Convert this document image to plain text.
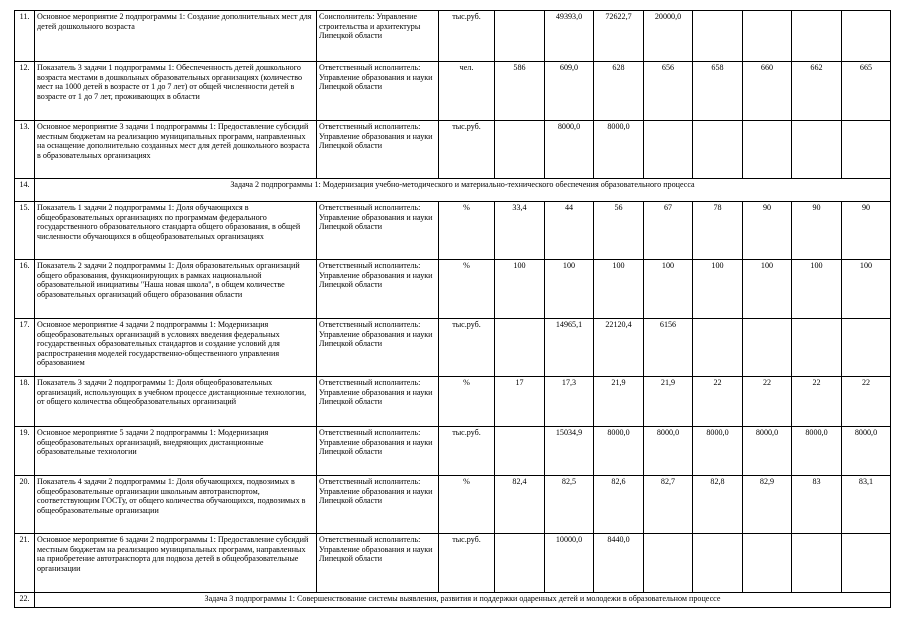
11.	Основное мероприятие 2 подпрограммы 1: Создание дополнительных мест для детей дошкольного возраста	Соисполнитель: Управление строительства и архитектуры Липецкой области	тыс.руб.		49393,0	72622,7	20000,0				
12.	Показатель 3 задачи 1 подпрограммы 1: Обеспеченность детей дошкольного возраста местами в дошкольных образовательных организациях (количество мест на 1000 детей в возрасте от 1 до 7 лет) от общей численности детей в возрасте от 1 до 7 лет, проживающих в области	Ответственный исполнитель: Управление образования и науки Липецкой области	чел.	586	609,0	628	656	658	660	662	665
13.	Основное мероприятие 3 задачи 1 подпрограммы 1: Предоставление субсидий местным бюджетам на реализацию муниципальных программ, направленных на оснащение дополнительно созданных мест для детей дошкольного возраста в образовательных организациях	Ответственный исполнитель: Управление образования и науки Липецкой области	тыс.руб.		8000,0	8000,0					
14.	Задача 2 подпрограммы 1: Модернизация учебно-методического и материально-технического обеспечения образовательного процесса										
15.	Показатель 1 задачи 2 подпрограммы 1: Доля обучающихся в общеобразовательных организациях по программам федерального государственного образовательного стандарта общего образования, в общей численности обучающихся в общеобразовательных организациях	Ответственный исполнитель: Управление образования и науки Липецкой области	%	33,4	44	56	67	78	90	90	90
16.	Показатель 2 задачи 2 подпрограммы 1: Доля образовательных организаций общего образования, функционирующих в рамках национальной образовательной инициативы "Наша новая школа", в общем количестве образовательных организаций общего образования области	Ответственный исполнитель: Управление образования и науки Липецкой области	%	100	100	100	100	100	100	100	100
17.	Основное мероприятие 4 задачи 2 подпрограммы 1: Модернизация общеобразовательных организаций в условиях введения федеральных государственных образовательных стандартов и создание условий для распространения моделей государственно-общественного управления образованием	Ответственный исполнитель: Управление образования и науки Липецкой области	тыс.руб.		14965,1	22120,4	6156				
18.	Показатель 3 задачи 2 подпрограммы 1: Доля общеобразовательных организаций, использующих в учебном процессе дистанционные технологии, от общего количества общеобразовательных организаций	Ответственный исполнитель: Управление образования и науки Липецкой области	%	17	17,3	21,9	21,9	22	22	22	22
19.	Основное мероприятие 5 задачи 2 подпрограммы 1: Модернизация общеобразовательных организаций, внедряющих дистанционные образовательные технологии	Ответственный исполнитель: Управление образования и науки Липецкой области	тыс.руб.		15034,9	8000,0	8000,0	8000,0	8000,0	8000,0	8000,0
20.	Показатель 4 задачи 2 подпрограммы 1: Доля обучающихся, подвозимых в общеобразовательные организации школьным автотранспортом, соответствующим ГОСТу, от общего количества обучающихся, подвозимых в общеобразовательные организации	Ответственный исполнитель: Управление образования и науки Липецкой области	%	82,4	82,5	82,6	82,7	82,8	82,9	83	83,1
21.	Основное мероприятие 6 задачи 2 подпрограммы 1: Предоставление субсидий местным бюджетам на реализацию муниципальных программ, направленных на приобретение автотранспорта для подвоза детей в общеобразовательные организации	Ответственный исполнитель: Управление образования и науки Липецкой области	тыс.руб.		10000,0	8440,0					
22.	Задача 3 подпрограммы 1: Совершенствование системы выявления, развития и поддержки одаренных детей и молодежи в образовательном процессе										
